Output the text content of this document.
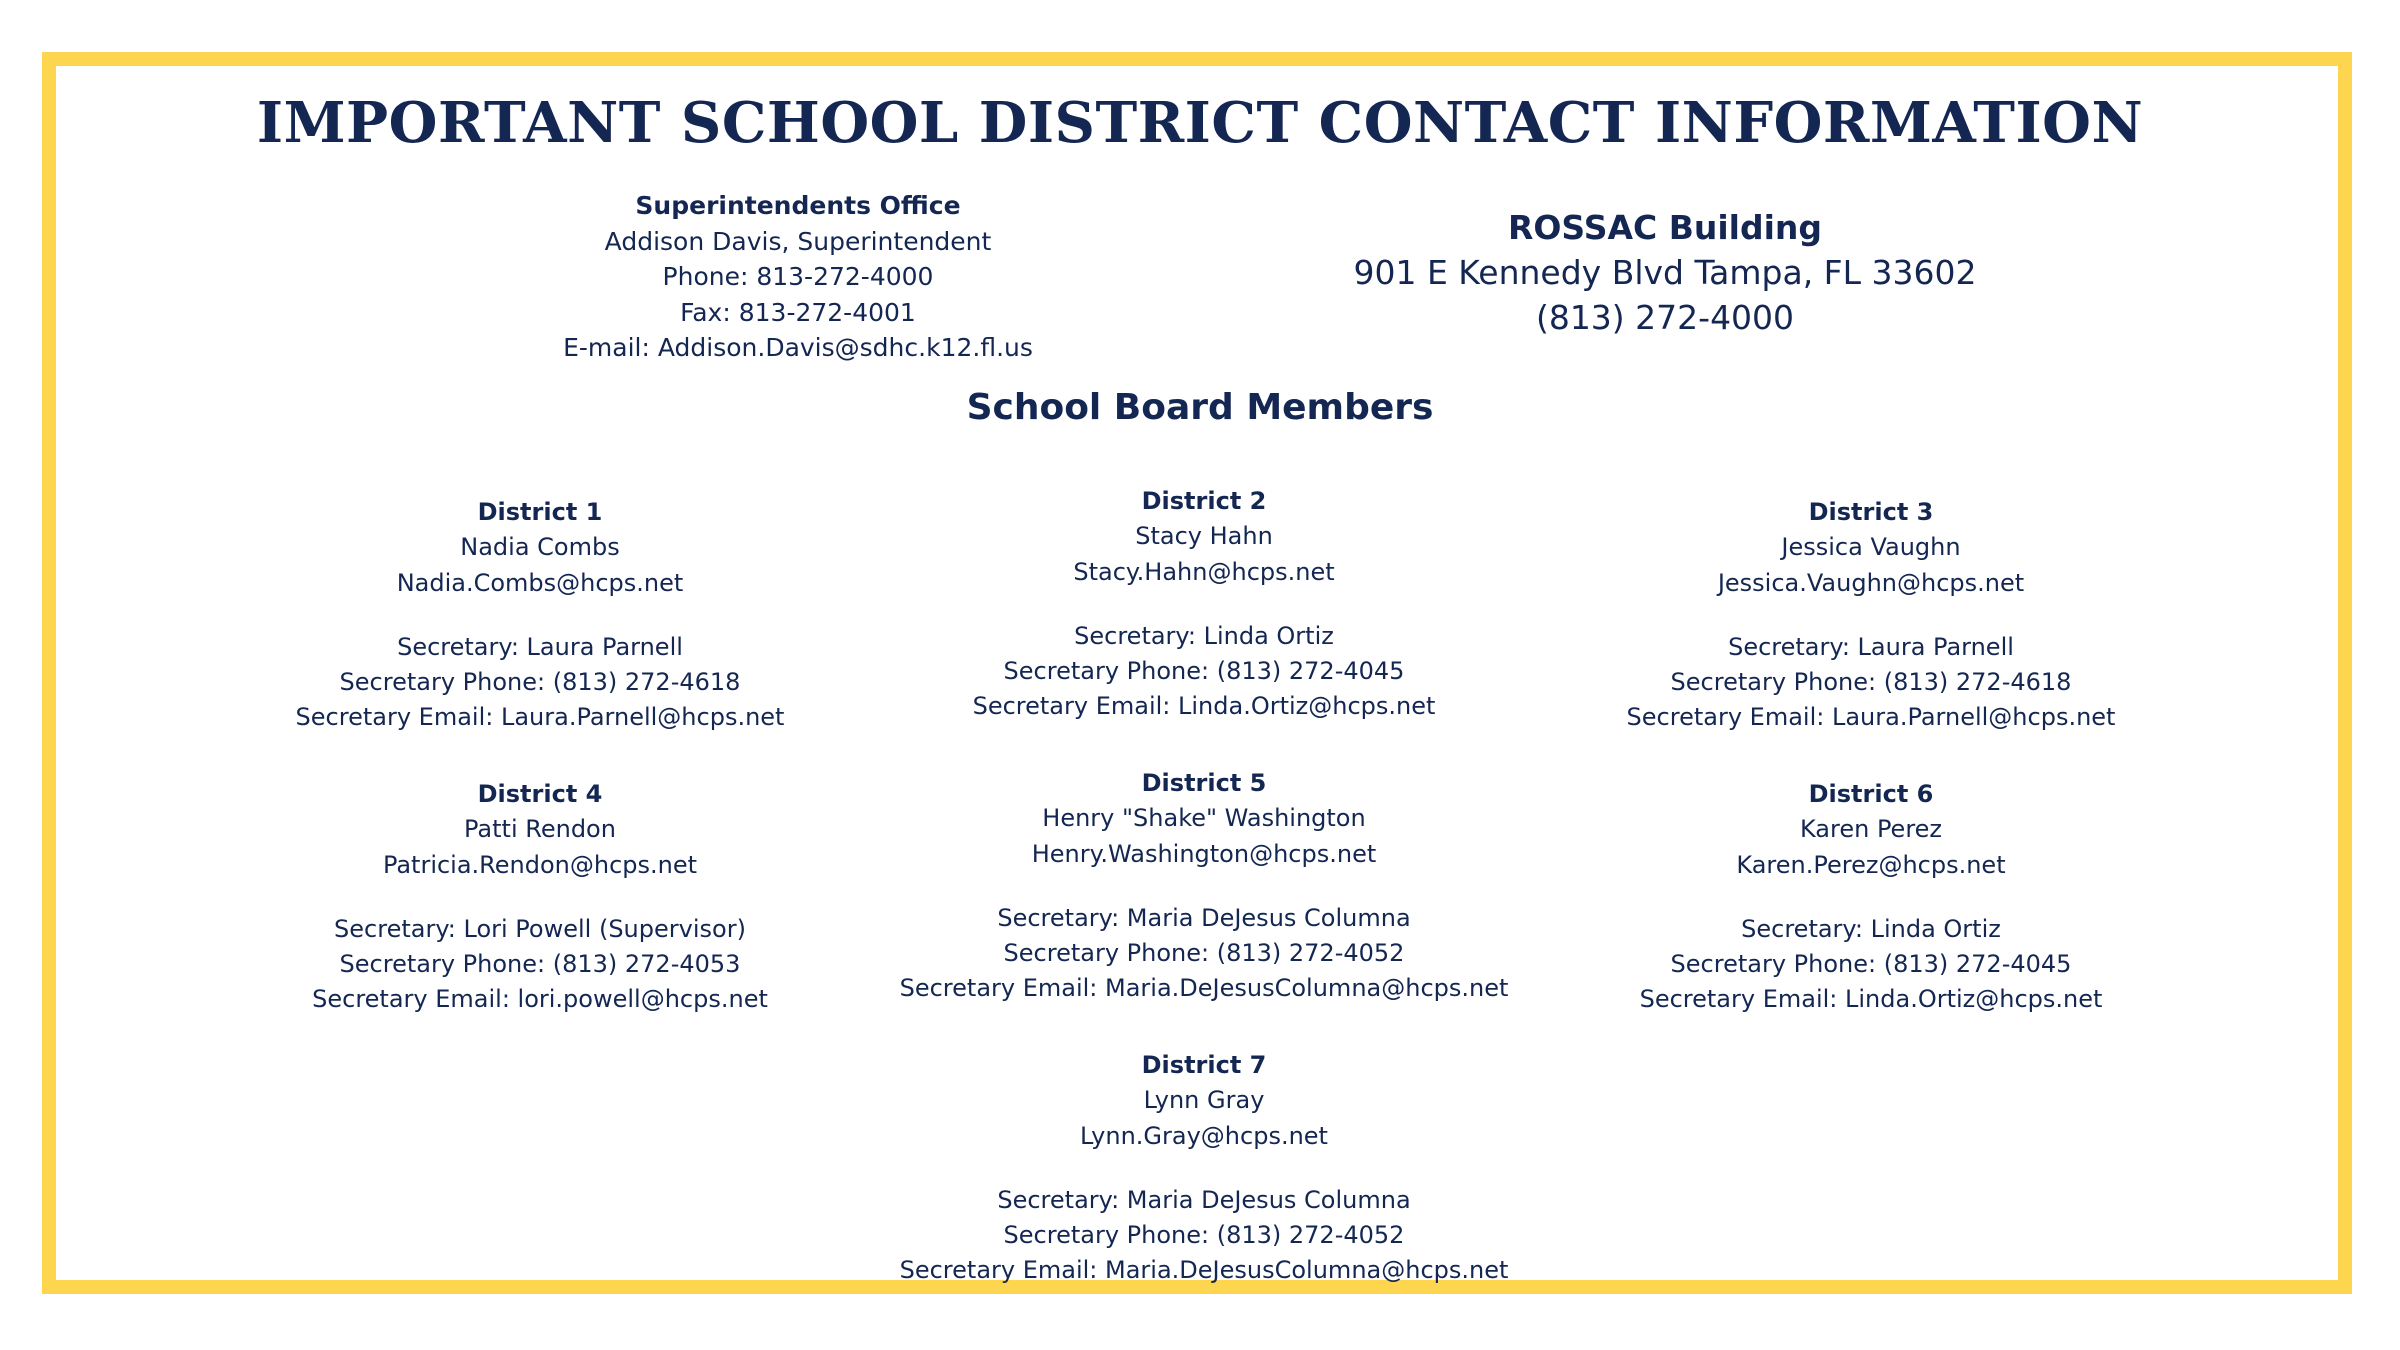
IMPORTANT SCHOOL DISTRICT CONTACT INFORMATION
Superintendents Office
Addison Davis, Superintendent
Phone: 813-272-4000
Fax: 813-272-4001
E-mail: Addison.Davis@sdhc.k12.fl.us
ROSSAC Building
901 E Kennedy Blvd Tampa, FL 33602
(813) 272-4000
School Board Members
District 1
Nadia Combs
Nadia.Combs@hcps.net
Secretary: Laura Parnell
Secretary Phone: (813) 272-4618
Secretary Email: Laura.Parnell@hcps.net
District 2
Stacy Hahn
Stacy.Hahn@hcps.net
Secretary: Linda Ortiz
Secretary Phone: (813) 272-4045
Secretary Email: Linda.Ortiz@hcps.net
District 3
Jessica Vaughn
Jessica.Vaughn@hcps.net
Secretary: Laura Parnell
Secretary Phone: (813) 272-4618
Secretary Email: Laura.Parnell@hcps.net
District 4
Patti Rendon
Patricia.Rendon@hcps.net
Secretary: Lori Powell (Supervisor)
Secretary Phone: (813) 272-4053
Secretary Email: lori.powell@hcps.net
District 5
Henry "Shake" Washington
Henry.Washington@hcps.net
Secretary: Maria DeJesus Columna
Secretary Phone: (813) 272-4052
Secretary Email: Maria.DeJesusColumna@hcps.net
District 6
Karen Perez
Karen.Perez@hcps.net
Secretary: Linda Ortiz
Secretary Phone: (813) 272-4045
Secretary Email: Linda.Ortiz@hcps.net
District 7
Lynn Gray
Lynn.Gray@hcps.net
Secretary: Maria DeJesus Columna
Secretary Phone: (813) 272-4052
Secretary Email: Maria.DeJesusColumna@hcps.net
